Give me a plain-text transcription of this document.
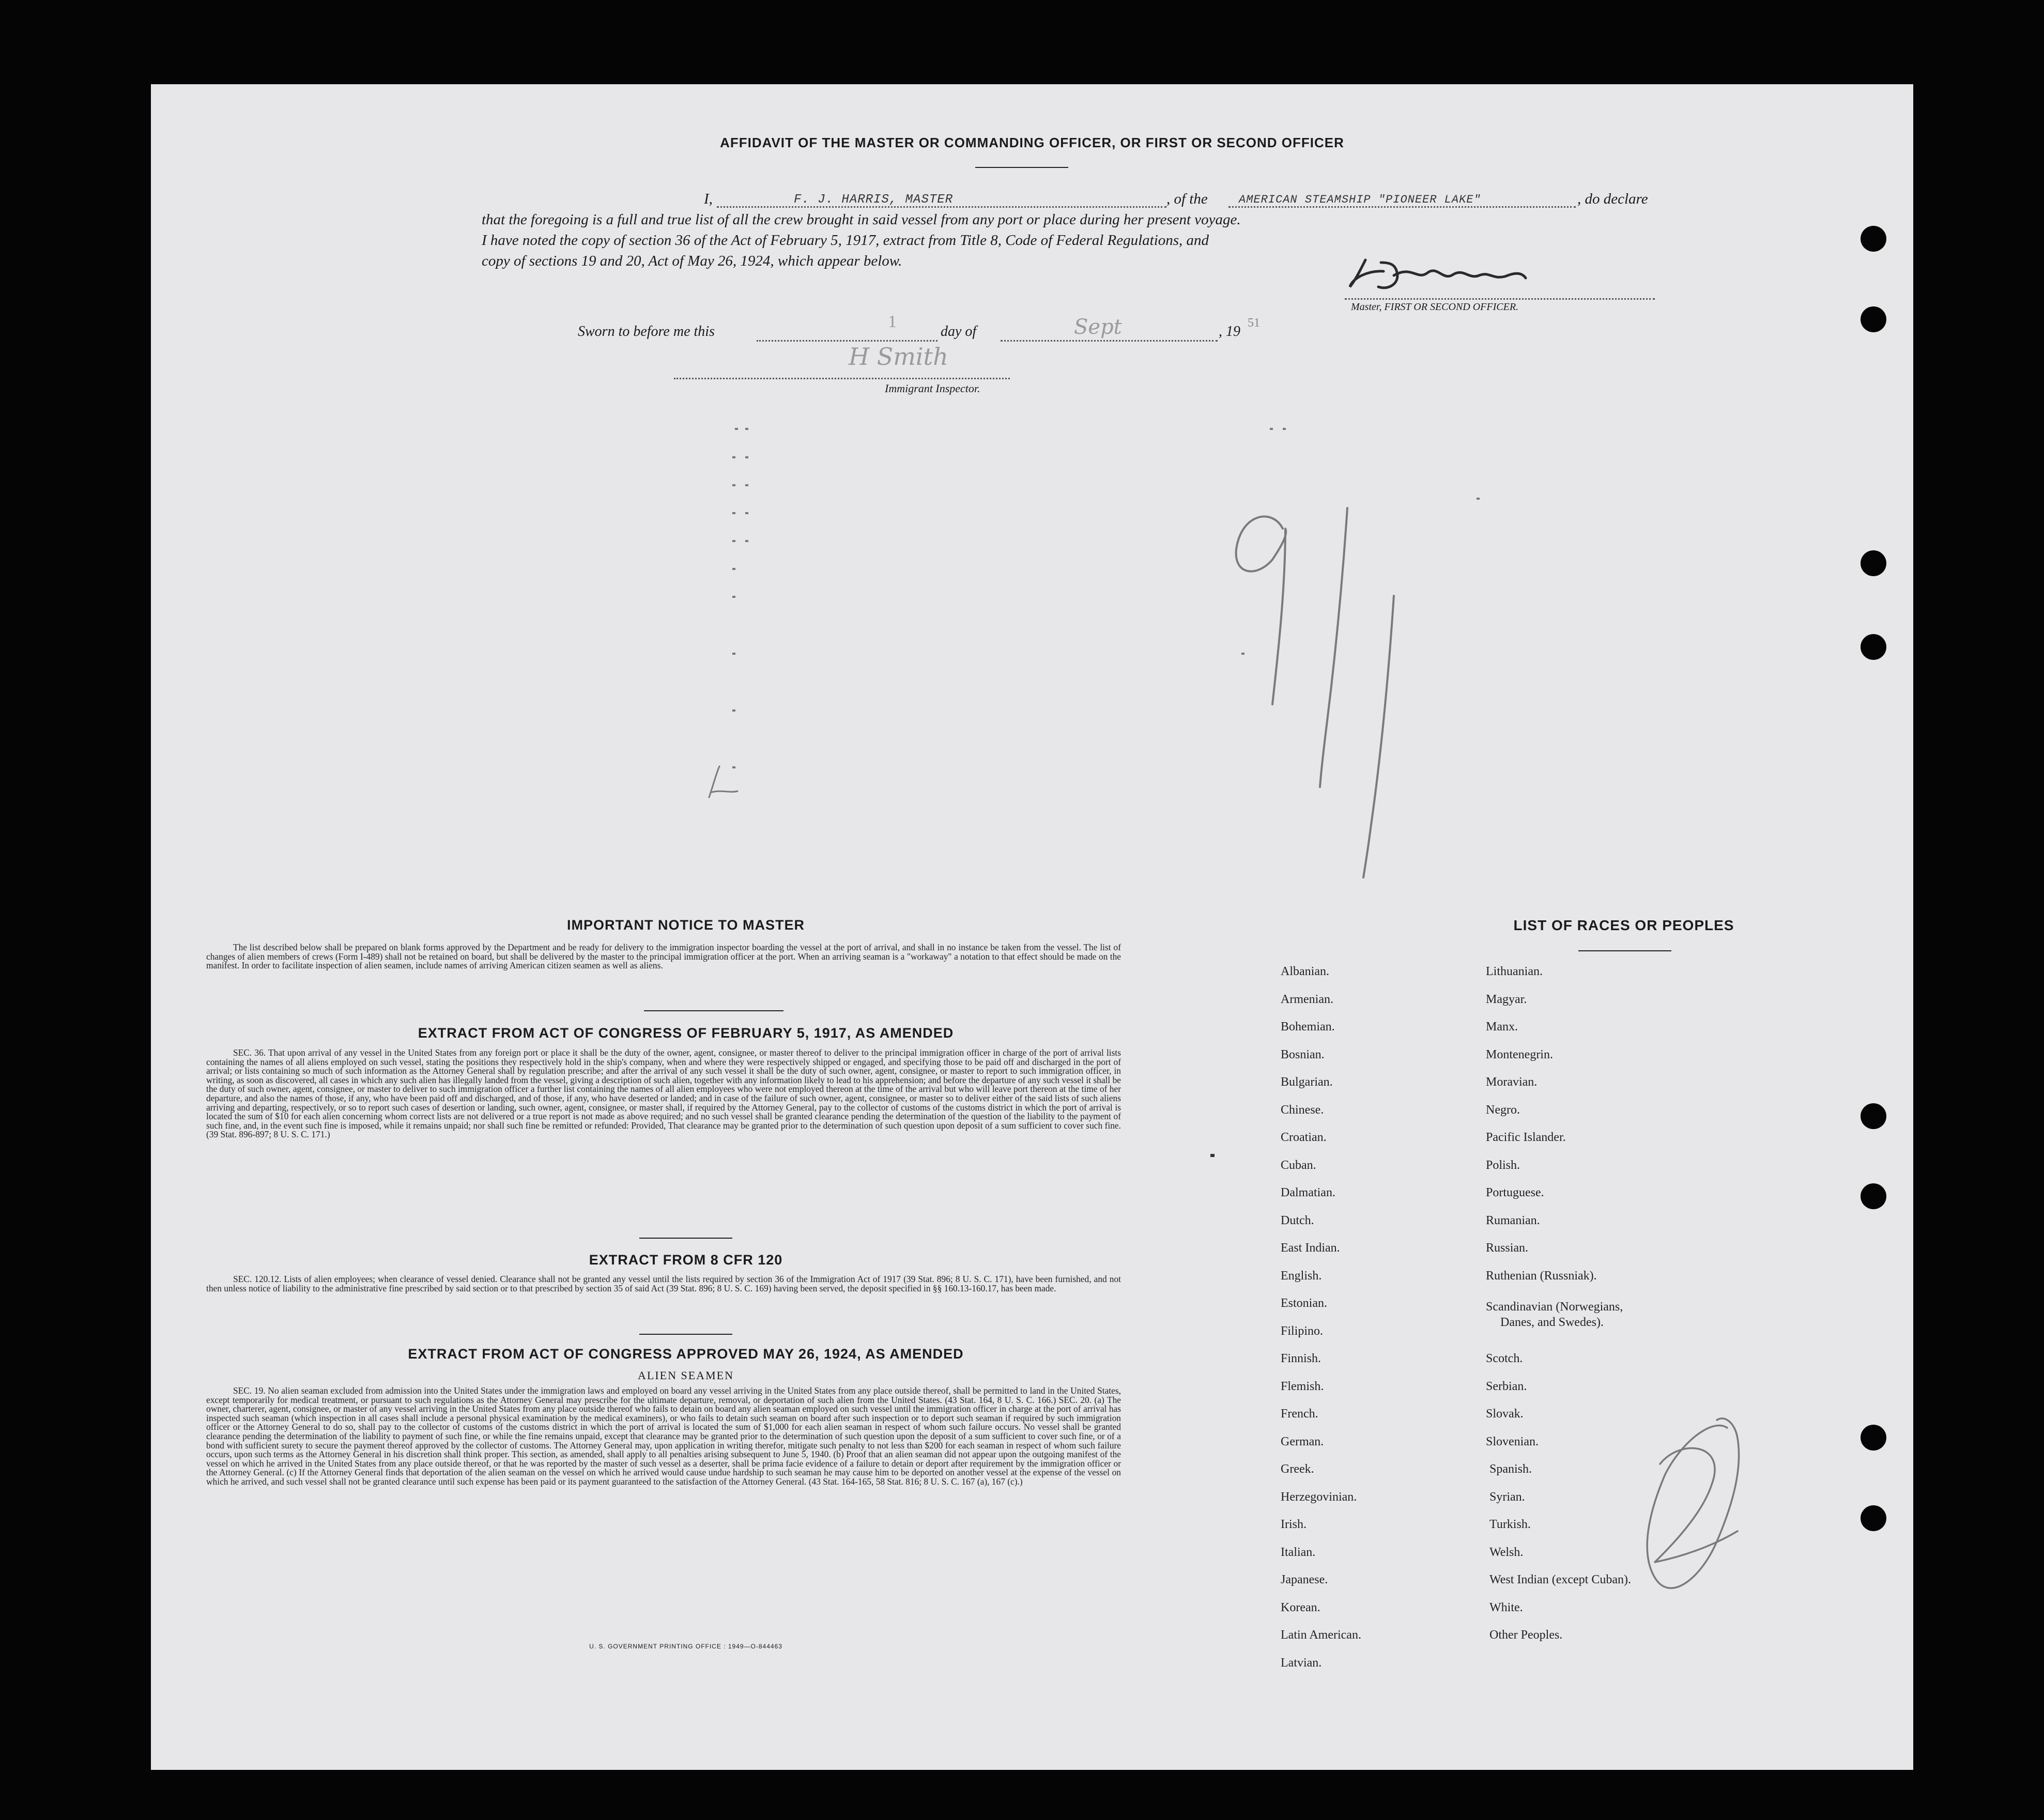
AFFIDAVIT OF THE MASTER OR COMMANDING OFFICER, OR FIRST OR SECOND OFFICER
I,	F. J. HARRIS, MASTER	, of the	AMERICAN STEAMSHIP "PIONEER LAKE"	, do declare
that the foregoing is a full and true list of all the crew brought in said vessel from any port or place during her present voyage.
I have noted the copy of section 36 of the Act of February 5, 1917, extract from Title 8, Code of Federal Regulations, and
copy of sections 19 and 20, Act of May 26, 1924, which appear below.
Master, FIRST OR SECOND OFFICER.
Sworn to before me this
1
day of	Sept	, 19
51
H Smith
Immigrant Inspector.
911
2
IMPORTANT NOTICE TO MASTER
The list described below shall be prepared on blank forms approved by the Department and be ready for delivery to the immigration inspector boarding the vessel at the port of arrival, and shall in no instance be taken from the vessel. The list of changes of alien members of crews (Form I-489) shall not be retained on board, but shall be delivered by the master to the principal immigration officer at the port. When an arriving seaman is a "workaway" a notation to that effect should be made on the manifest. In order to facilitate inspection of alien seamen, include names of arriving American citizen seamen as well as aliens.
EXTRACT FROM ACT OF CONGRESS OF FEBRUARY 5, 1917, AS AMENDED
SEC. 36. That upon arrival of any vessel in the United States from any foreign port or place it shall be the duty of the owner, agent, consignee, or master thereof to deliver to the principal immigration officer in charge of the port of arrival lists containing the names of all aliens employed on such vessel, stating the positions they respectively hold in the ship's company, when and where they were respectively shipped or engaged, and specifying those to be paid off and discharged in the port of arrival; or lists containing so much of such information as the Attorney General shall by regulation prescribe; and after the arrival of any such vessel it shall be the duty of such owner, agent, consignee, or master to report to such immigration officer, in writing, as soon as discovered, all cases in which any such alien has illegally landed from the vessel, giving a description of such alien, together with any information likely to lead to his apprehension; and before the departure of any such vessel it shall be the duty of such owner, agent, consignee, or master to deliver to such immigration officer a further list containing the names of all alien employees who were not employed thereon at the time of the arrival but who will leave port thereon at the time of her departure, and also the names of those, if any, who have been paid off and discharged, and of those, if any, who have deserted or landed; and in case of the failure of such owner, agent, consignee, or master so to deliver either of the said lists of such aliens arriving and departing, respectively, or so to report such cases of desertion or landing, such owner, agent, consignee, or master shall, if required by the Attorney General, pay to the collector of customs of the customs district in which the port of arrival is located the sum of $10 for each alien concerning whom correct lists are not delivered or a true report is not made as above required; and no such vessel shall be granted clearance pending the determination of the question of the liability to the payment of such fine, and, in the event such fine is imposed, while it remains unpaid; nor shall such fine be remitted or refunded: Provided, That clearance may be granted prior to the determination of such question upon deposit of a sum sufficient to cover such fine. (39 Stat. 896-897; 8 U. S. C. 171.)
EXTRACT FROM 8 CFR 120
SEC. 120.12. Lists of alien employees; when clearance of vessel denied. Clearance shall not be granted any vessel until the lists required by section 36 of the Immigration Act of 1917 (39 Stat. 896; 8 U. S. C. 171), have been furnished, and not then unless notice of liability to the administrative fine prescribed by said section or to that prescribed by section 35 of said Act (39 Stat. 896; 8 U. S. C. 169) having been served, the deposit specified in §§ 160.13-160.17, has been made.
EXTRACT FROM ACT OF CONGRESS APPROVED MAY 26, 1924, AS AMENDED
ALIEN SEAMEN
SEC. 19. No alien seaman excluded from admission into the United States under the immigration laws and employed on board any vessel arriving in the United States from any place outside thereof, shall be permitted to land in the United States, except temporarily for medical treatment, or pursuant to such regulations as the Attorney General may prescribe for the ultimate departure, removal, or deportation of such alien from the United States. (43 Stat. 164, 8 U. S. C. 166.) SEC. 20. (a) The owner, charterer, agent, consignee, or master of any vessel arriving in the United States from any place outside thereof who fails to detain on board any alien seaman employed on such vessel until the immigration officer in charge at the port of arrival has inspected such seaman (which inspection in all cases shall include a personal physical examination by the medical examiners), or who fails to detain such seaman on board after such inspection or to deport such seaman if required by such immigration officer or the Attorney General to do so, shall pay to the collector of customs of the customs district in which the port of arrival is located the sum of $1,000 for each alien seaman in respect of whom such failure occurs. No vessel shall be granted clearance pending the determination of the liability to payment of such fine, or while the fine remains unpaid, except that clearance may be granted prior to the determination of such question upon the deposit of a sum sufficient to cover such fine, or of a bond with sufficient surety to secure the payment thereof approved by the collector of customs. The Attorney General may, upon application in writing therefor, mitigate such penalty to not less than $200 for each seaman in respect of whom such failure occurs, upon such terms as the Attorney General in his discretion shall think proper. This section, as amended, shall apply to all penalties arising subsequent to June 5, 1940. (b) Proof that an alien seaman did not appear upon the outgoing manifest of the vessel on which he arrived in the United States from any place outside thereof, or that he was reported by the master of such vessel as a deserter, shall be prima facie evidence of a failure to detain or deport after requirement by the immigration officer or the Attorney General. (c) If the Attorney General finds that deportation of the alien seaman on the vessel on which he arrived would cause undue hardship to such seaman he may cause him to be deported on another vessel at the expense of the vessel on which he arrived, and such vessel shall not be granted clearance until such expense has been paid or its payment guaranteed to the satisfaction of the Attorney General. (43 Stat. 164-165, 58 Stat. 816; 8 U. S. C. 167 (a), 167 (c).)
U. S. GOVERNMENT PRINTING OFFICE : 1949—O-844463
LIST OF RACES OR PEOPLES
Albanian.
Armenian.
Bohemian.
Bosnian.
Bulgarian.
Chinese.
Croatian.
Cuban.
Dalmatian.
Dutch.
East Indian.
English.
Estonian.
Filipino.
Finnish.
Flemish.
French.
German.
Greek.
Herzegovinian.
Irish.
Italian.
Japanese.
Korean.
Latin American.
Latvian.
Lithuanian.
Magyar.
Manx.
Montenegrin.
Moravian.
Negro.
Pacific Islander.
Polish.
Portuguese.
Rumanian.
Russian.
Ruthenian (Russniak).
Scandinavian (Norwegians,
Danes, and Swedes).
Scotch.
Serbian.
Slovak.
Slovenian.
Spanish.
Syrian.
Turkish.
Welsh.
West Indian (except Cuban).
White.
Other Peoples.
